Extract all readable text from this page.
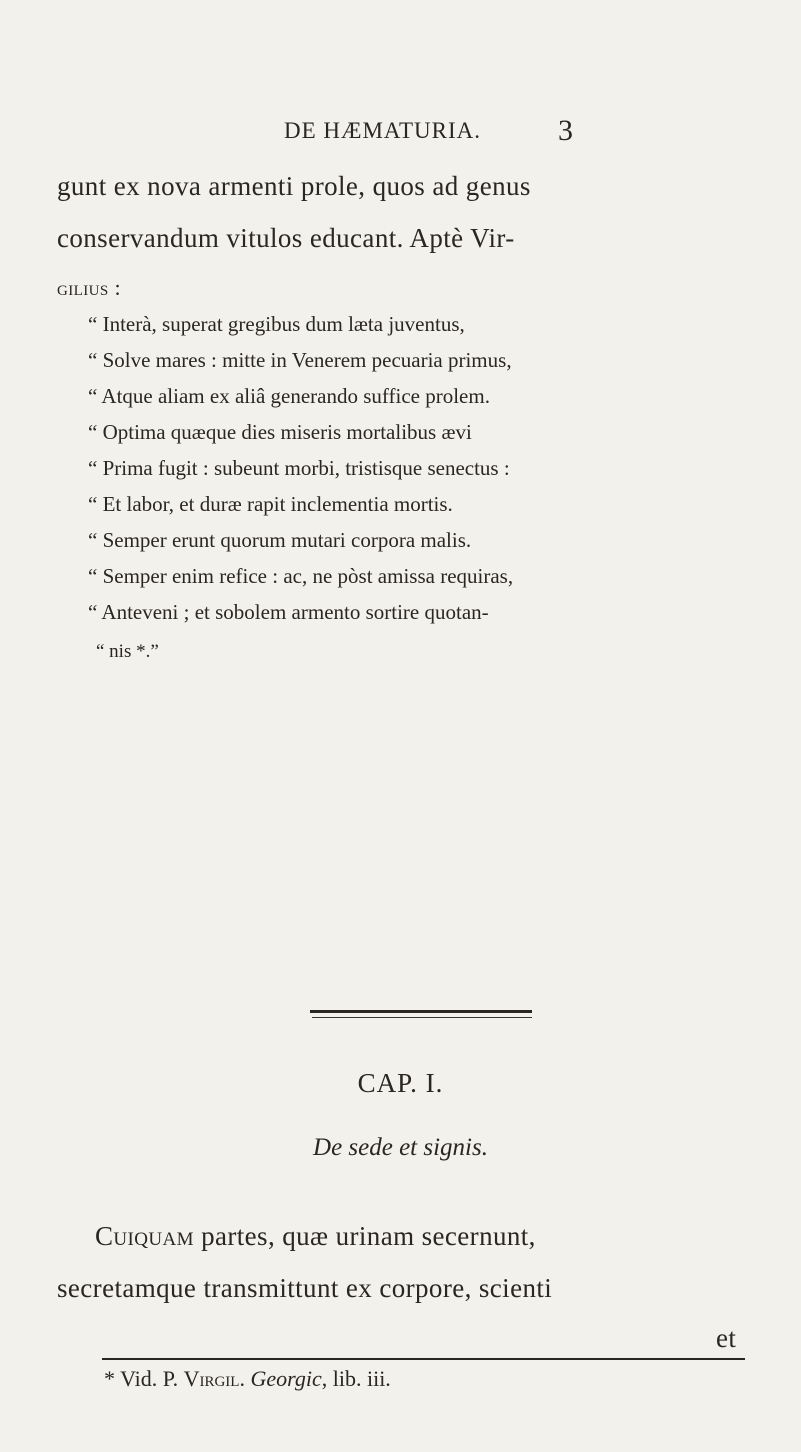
DE HÆMATURIA.	3
gunt ex nova armenti prole, quos ad genus
conservandum vitulos educant. Aptè Vir-
gilius :
“ Interà, superat gregibus dum læta juventus,
“ Solve mares : mitte in Venerem pecuaria primus,
“ Atque aliam ex aliâ generando suffice prolem.
“ Optima quæque dies miseris mortalibus ævi
“ Prima fugit : subeunt morbi, tristisque senectus :
“ Et labor, et duræ rapit inclementia mortis.
“ Semper erunt quorum mutari corpora malis.
“ Semper enim refice : ac, ne pòst amissa requiras,
“ Anteveni ; et sobolem armento sortire quotan-
“ nis *.”
CAP. I.
De sede et signis.
Cuiquam partes, quæ urinam secernunt,
secretamque transmittunt ex corpore, scienti
et
* Vid. P. Virgil. Georgic, lib. iii.
